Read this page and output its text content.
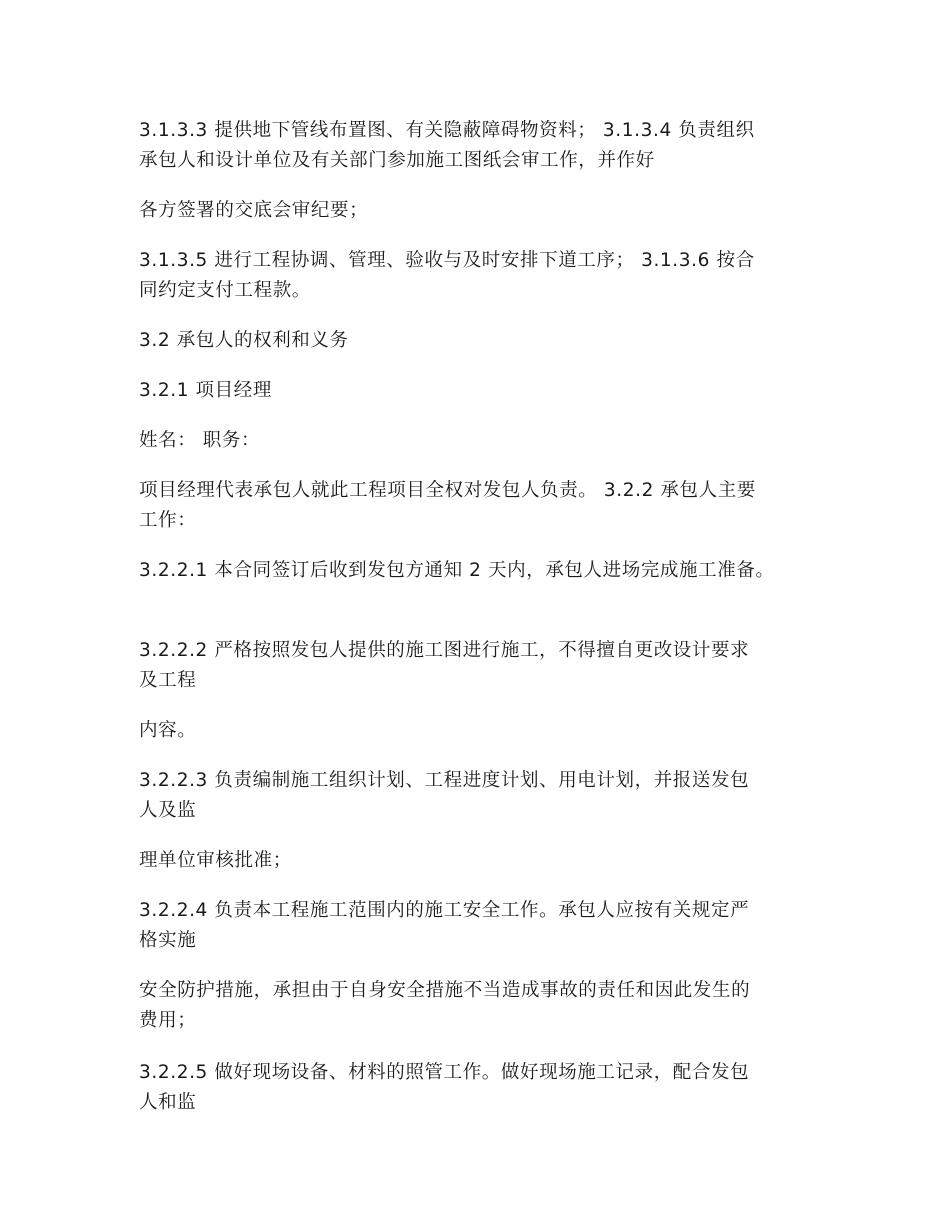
3.1.3.3 提供地下管线布置图、有关隐蔽障碍物资料； 3.1.3.4 负责组织
承包人和设计单位及有关部门参加施工图纸会审工作，并作好

各方签署的交底会审纪要；

3.1.3.5 进行工程协调、管理、验收与及时安排下道工序； 3.1.3.6 按合
同约定支付工程款。

3.2 承包人的权利和义务

3.2.1 项目经理

姓名： 职务：

项目经理代表承包人就此工程项目全权对发包人负责。 3.2.2 承包人主要
工作：

3.2.2.1 本合同签订后收到发包方通知 2 天内，承包人进场完成施工准备。

3.2.2.2 严格按照发包人提供的施工图进行施工，不得擅自更改设计要求
及工程

内容。

3.2.2.3 负责编制施工组织计划、工程进度计划、用电计划，并报送发包
人及监

理单位审核批准；

3.2.2.4 负责本工程施工范围内的施工安全工作。承包人应按有关规定严
格实施

安全防护措施，承担由于自身安全措施不当造成事故的责任和因此发生的
费用；

3.2.2.5 做好现场设备、材料的照管工作。做好现场施工记录，配合发包
人和监
